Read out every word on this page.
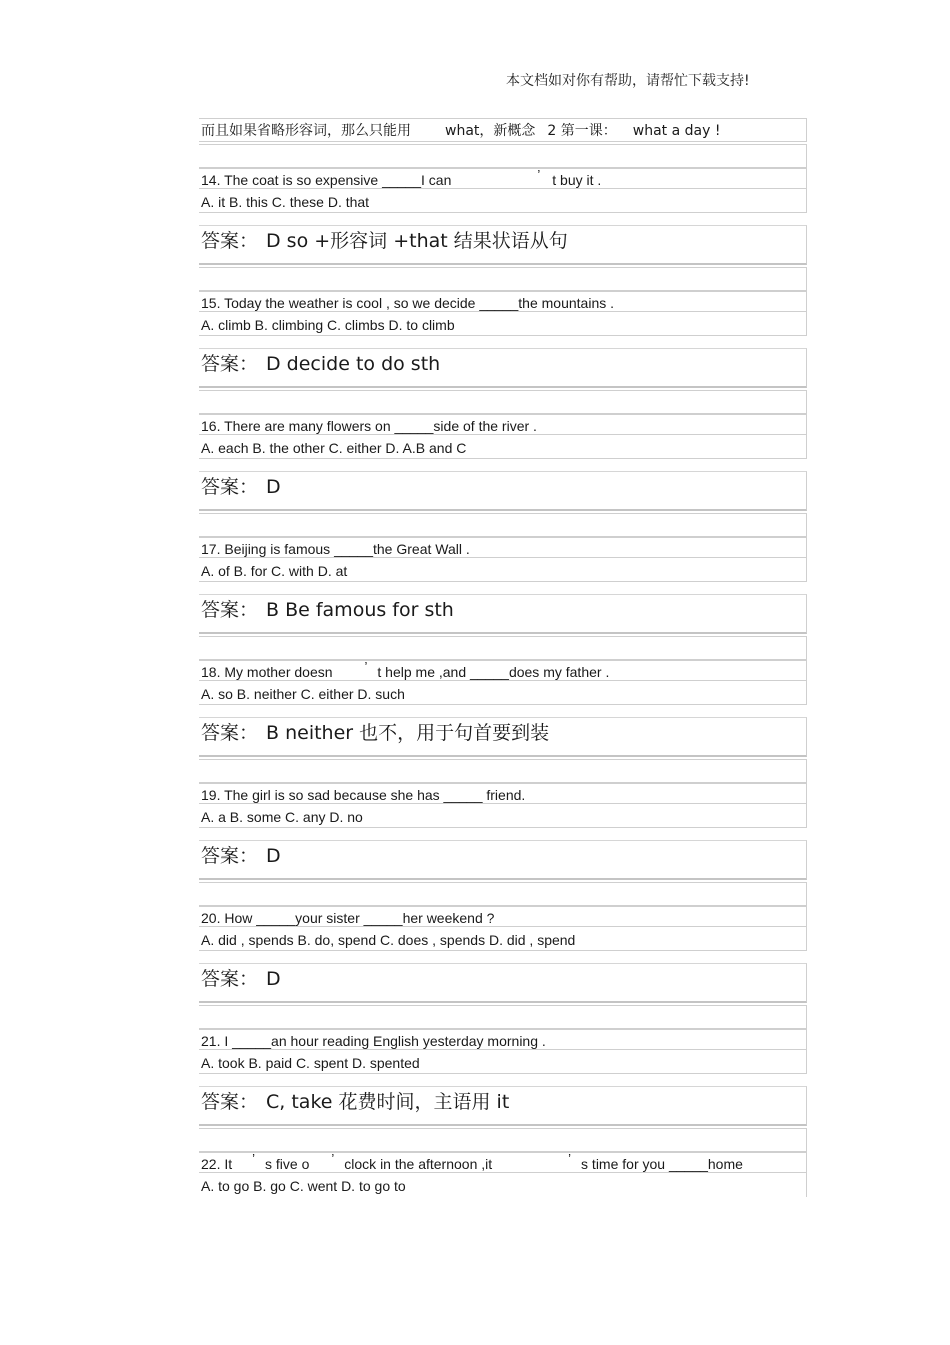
本文档如对你有帮助，请帮忙下载支持!
而且如果省略形容词，那么只能用 what，新概念 2 第一课： what a day !
14. The coat is so expensive _____I can	’ t buy it .
A. it B. this C. these D. that
答案： D so +形容词 +that 结果状语从句
15. Today the weather is cool , so we decide _____the mountains .
A. climb B. climbing C. climbs D. to climb
答案： D decide to do sth
16. There are many flowers on _____side of the river .
A. each B. the other C. either D. A.B and C
答案： D
17. Beijing is famous _____the Great Wall .
A. of B. for C. with D. at
答案： B Be famous for sth
18. My mother doesn ’ t help me ,and _____does my father .
A. so B. neither C. either D. such
答案： B neither 也不，用于句首要到装
19. The girl is so sad because she has _____ friend.
A. a B. some C. any D. no
答案： D
20. How _____your sister _____her weekend ?
A. did , spends B. do, spend C. does , spends D. did , spend
答案： D
21. I _____an hour reading English yesterday morning .
A. took B. paid C. spent D. spented
答案： C, take 花费时间，主语用 it
22. It ’ s five o ’ clock in the afternoon ,it	’ s time for you _____home
A. to go B. go C. went D. to go to
